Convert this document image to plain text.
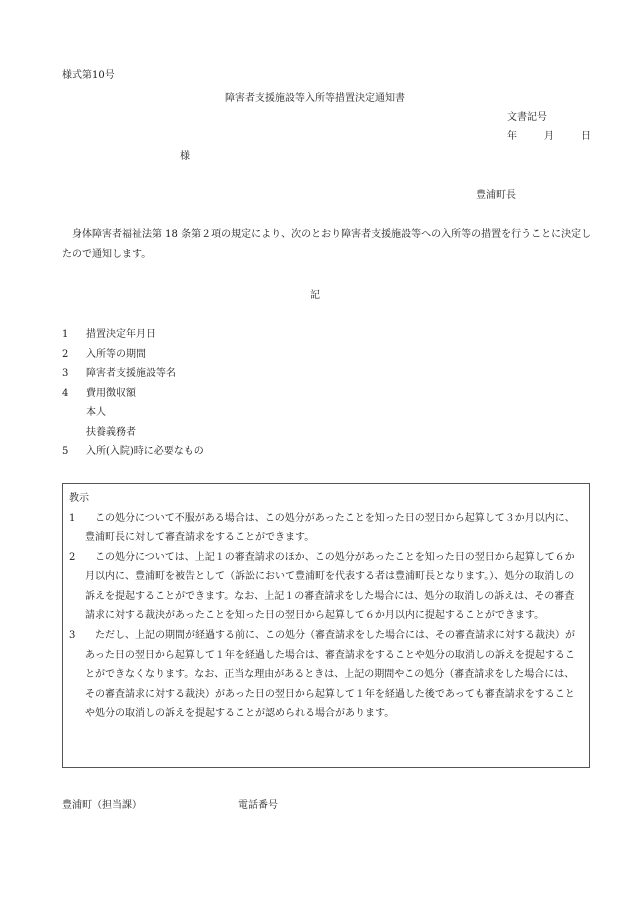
様式第10号
障害者支援施設等入所等措置決定通知書
文書記号
年	月	日
様
豊浦町長

身体障害者福祉法第 18 条第２項の規定により、次のとおり障害者支援施設等への入所等の措置を行うことに決定したので通知します。

記
1 措置決定年月日
2 入所等の期間
3 障害者支援施設等名
4 費用徴収額
本人
扶養義務者
5 入所(入院)時に必要なもの
教示
1	この処分について不服がある場合は、この処分があったことを知った日の翌日から起算して３か月以内に、豊浦町長に対して審査請求をすることができます。
2	この処分については、上記１の審査請求のほか、この処分があったことを知った日の翌日から起算して６か月以内に、豊浦町を被告として（訴訟において豊浦町を代表する者は豊浦町長となります。）、処分の取消しの訴えを提起することができます。なお、上記１の審査請求をした場合には、処分の取消しの訴えは、その審査請求に対する裁決があったことを知った日の翌日から起算して６か月以内に提起することができます。
3	ただし、上記の期間が経過する前に、この処分（審査請求をした場合には、その審査請求に対する裁決）があった日の翌日から起算して１年を経過した場合は、審査請求をすることや処分の取消しの訴えを提起することができなくなります。なお、正当な理由があるときは、上記の期間やこの処分（審査請求をした場合には、その審査請求に対する裁決）があった日の翌日から起算して１年を経過した後であっても審査請求をすることや処分の取消しの訴えを提起することが認められる場合があります。
豊浦町（担当課）	電話番号
